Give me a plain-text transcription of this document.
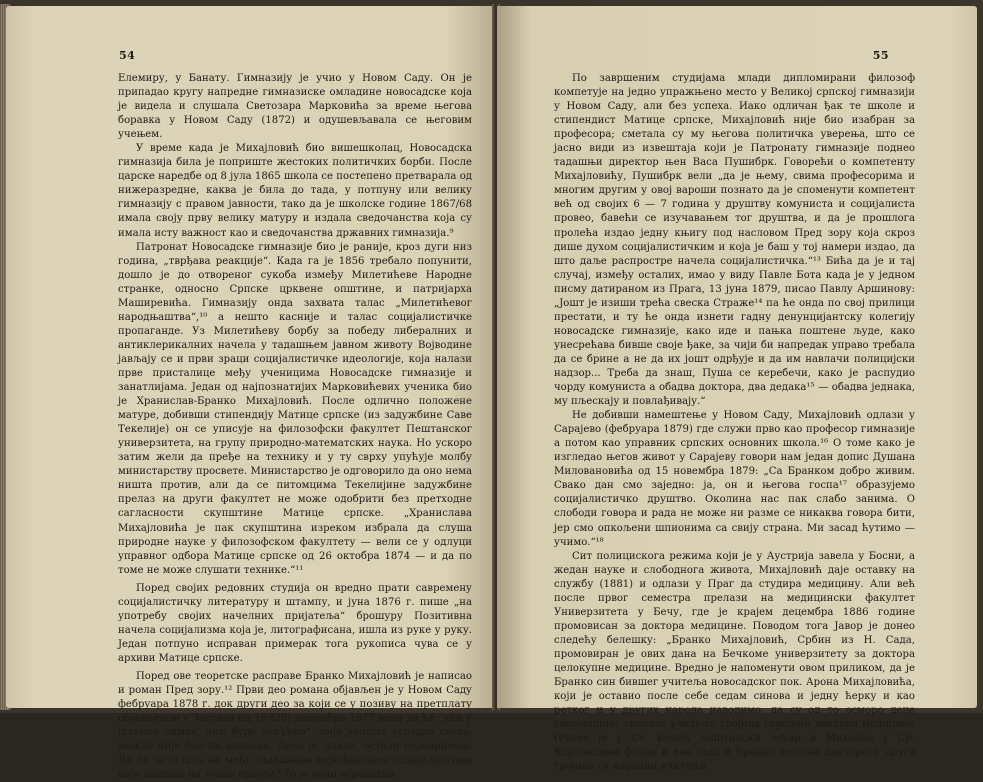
54

Елемиру, у Банату. Гимназију је учио у Новом Саду. Он је припадао кругу напредне гимназиске омладине новосадске која је видела и слушала Светозара Марковића за време његова боравка у Новом Саду (1872) и одушевљавала се његовим учењем.

У време када је Михајловић био вишешколац, Новосадска гимназија била је поприште жестоких политичких борби. После царске наредбе од 8 јула 1865 школа се постепено претварала од нижеразредне, каква је била до тада, у потпуну или велику гимназију с правом јавности, тако да је школске године 1867/68 имала своју прву велику матуру и издала сведочанства која су имала исту важност као и сведочанства државних гимназија.⁹

Патронат Новосадске гимназије био је раније, кроз дуги низ година, „тврђава реакције“. Када га је 1856 требало попунити, дошло је до отвореног сукоба између Милетићеве Народне странке, односно Српске црквене општине, и патријарха Маширевића. Гимназију онда захвата талас „Милетићевог народњаштва“,¹⁰ а нешто касније и талас социјалистичке пропаганде. Уз Милетићеву борбу за победу либералних и антиклерикалних начела у тадашњем јавном животу Војводине јављају се и први зраци социјалистичке идеологије, која налази прве присталице међу ученицима Новосадске гимназије и занатлијама. Један од најпознатијих Марковићевих ученика био је Хранислав-Бранко Михајловић. После одлично положене матуре, добивши стипендију Матице српске (из задужбине Саве Текелије) он се уписује на филозофски факултет Пештанског универзитета, на групу природно-математских наука. Но ускоро затим жели да пређе на технику и у ту сврху упућује молбу министарству просвете. Министарство је одговорило да оно нема ништа против, али да се питомцима Текелијине задужбине прелаз на други факултет не може одобрити без претходне сагласности скупштине Матице српске. „Хранислава Михајловића је пак скупштина изреком избрала да слуша природне науке у филозофском факултету — вели се у одлуци управног одбора Матице српске од 26 октобра 1874 — и да по томе не може слушати технике.“¹¹

Поред својих редовних студија он вредно прати савремену социјалистичку литературу и штампу, и јуна 1876 г. пише „на употребу својих начелних пријатеља“ брошуру Позитивна начела социјализма која је, литографисана, ишла из руке у руку. Један потпуно исправан примерак тога рукописа чува се у архиви Матице српске.

Поред ове теоретске расправе Бранко Михајловић је написао и роман Пред зору.¹² Први део романа објављен је у Новом Саду фебруара 1878 г. док други део за који се у позиву на претплату објављеном у Застави од 16 (28) децембра 1877 вели да ће „ући у штампу одмах, чим буде могућно“, није уопште угледао света; можда није био ни написан. Дело је, дакле, остало недовршено. Да ли зато што ни међу тадашњим војвођанским социјалистима није наишло на топао пријем? То је врло вероватно.

55

По завршеним студијама млади дипломирани филозоф компетује на једно упражњено место у Великој српској гимназији у Новом Саду, али без успеха. Иако одличан ђак те школе и стипендист Матице српске, Михајловић није био изабран за професора; сметала су му његова политичка уверења, што се јасно види из извештаја који је Патронату гимназије поднео тадашњи директор њен Васа Пушибрк. Говорећи о компетенту Михајловићу, Пушибрк вели „да је њему, свима професорима и многим другим у овој вароши познато да је споменути компетент већ од својих 6 — 7 година у друштву комуниста и социјалиста провео, бавећи се изучавањем тог друштва, и да је прошлога пролећа издао једну књигу под насловом Пред зору која скроз дише духом социјалистичким и која је баш у тој намери издао, да што даље распростре начела социјалистичка.“¹³ Бића да је и тај случај, између осталих, имао у виду Павле Бота када је у једном писму датираном из Прага, 13 јуна 1879, писао Павлу Аршинову: „Јошт је изиши трећа свеска Страже¹⁴ па ће онда по свој прилици престати, и ту ће онда изнети гадну денунцијантску колегију новосадске гимназије, како иде и пањка поштене људе, како унесрећава бивше своје ђаке, за чији би напредак управо требала да се брине а не да их јошт одрђује и да им навлачи полицијски надзор... Треба да знаш, Пуша се керебечи, како је распудио чорду комуниста а обадва доктора, два дедака¹⁵ — обадва једнака, му пљескају и повлађивају.“

Не добивши намештење у Новом Саду, Михајловић одлази у Сарајево (фебруара 1879) где служи прво као професор гимназије а потом као управник српских основних школа.¹⁶ О томе како је изгледао његов живот у Сарајеву говори нам један допис Душана Миловановића од 15 новембра 1879: „Са Бранком добро живим. Свако дан смо заједно: ја, он и његова госпа¹⁷ образујемо социјалистичко друштво. Околина нас пак слабо занима. О слободи говора и рада не може ни разме се никаква говора бити, јер смо опкољени шпионима са свију страна. Ми засад ћутимо — учимо.“¹⁸

Сит полицискога режима који је у Аустрија завела у Босни, а жедан науке и слободнога живота, Михајловић даје оставку на службу (1881) и одлази у Праг да студира медицину. Али већ после првог семестра прелази на медицински факултет Универзитета у Бечу, где је крајем децембра 1886 године промовисан за доктора медицине. Поводом тога Јавор је донео следећу белешку: „Бранко Михајловић, Србин из Н. Сада, промовиран је овиx дана на Бечкоме универзитету за доктора целокупне медицине. Вредно је напоменути овом приликом, да је Бранко син бившег учитеља новосадског пок. Арона Михајловића, који је оставио после себе седам синова и једну ћерку и као ретког и у других народа наводимо, да су од то осморо деце сиромашног српског учитеља тројица свршени доктори медицине (Риста је у Ст. Бечеју општински лекар а Михаило у Ср. Карловцима физик и ево сада и Бранко положи докторат), друга тројица су народни учитељи
